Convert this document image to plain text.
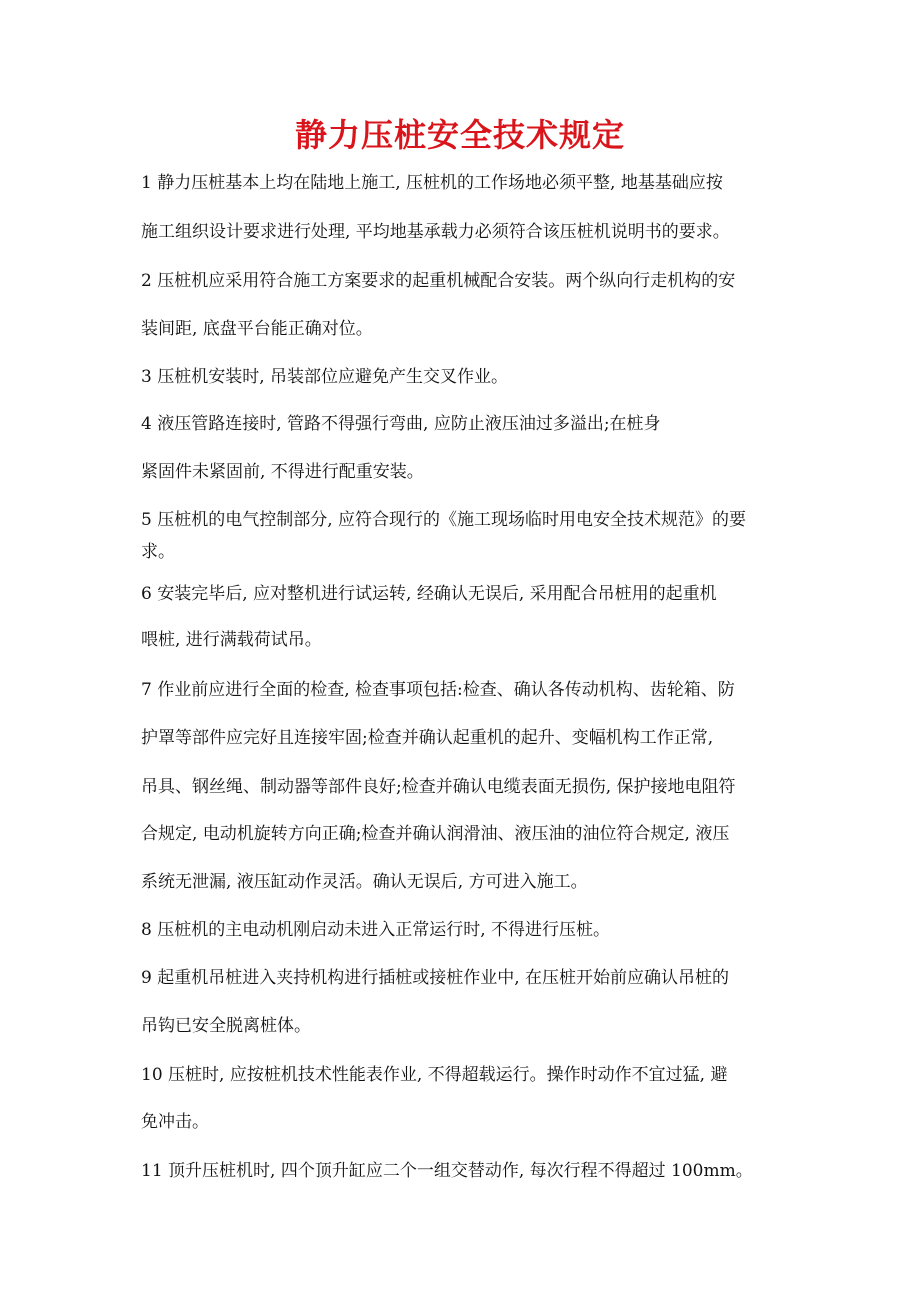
静力压桩安全技术规定
1 静力压桩基本上均在陆地上施工, 压桩机的工作场地必须平整, 地基基础应按
施工组织设计要求进行处理, 平均地基承载力必须符合该压桩机说明书的要求。
2 压桩机应采用符合施工方案要求的起重机械配合安装。两个纵向行走机构的安
装间距, 底盘平台能正确对位。
3 压桩机安装时, 吊装部位应避免产生交叉作业。
4 液压管路连接时, 管路不得强行弯曲, 应防止液压油过多溢出;在桩身
紧固件未紧固前, 不得进行配重安装。
5 压桩机的电气控制部分, 应符合现行的《施工现场临时用电安全技术规范》的要
求。
6 安装完毕后, 应对整机进行试运转, 经确认无误后, 采用配合吊桩用的起重机
喂桩, 进行满载荷试吊。
7 作业前应进行全面的检查, 检查事项包括:检查、确认各传动机构、齿轮箱、防
护罩等部件应完好且连接牢固;检查并确认起重机的起升、变幅机构工作正常,
吊具、钢丝绳、制动器等部件良好;检查并确认电缆表面无损伤, 保护接地电阻符
合规定, 电动机旋转方向正确;检查并确认润滑油、液压油的油位符合规定, 液压
系统无泄漏, 液压缸动作灵活。确认无误后, 方可进入施工。
8 压桩机的主电动机刚启动未进入正常运行时, 不得进行压桩。
9 起重机吊桩进入夹持机构进行插桩或接桩作业中, 在压桩开始前应确认吊桩的
吊钩已安全脱离桩体。
10 压桩时, 应按桩机技术性能表作业, 不得超载运行。操作时动作不宜过猛, 避
免冲击。
11 顶升压桩机时, 四个顶升缸应二个一组交替动作, 每次行程不得超过 100mm。
